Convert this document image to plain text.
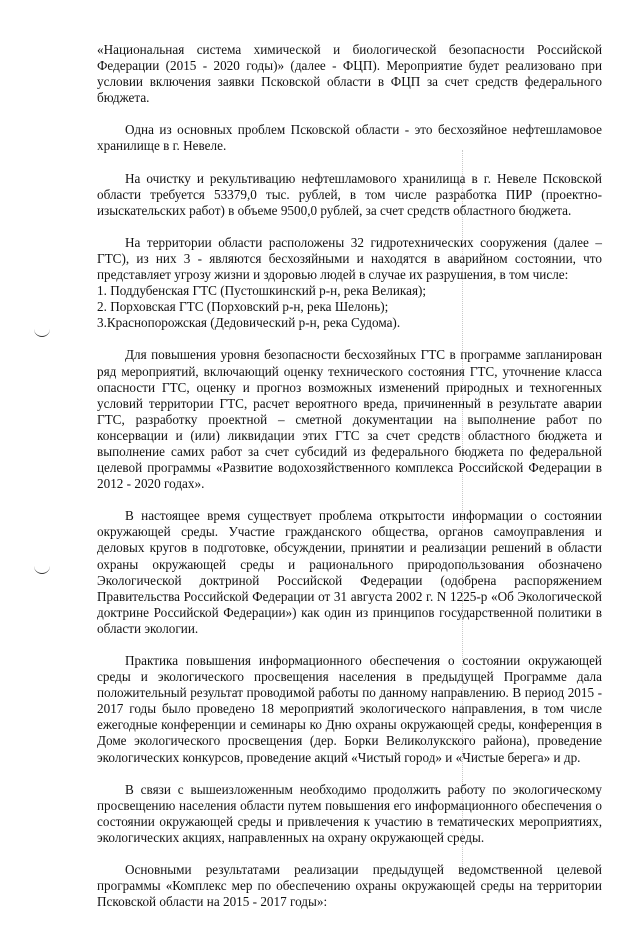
«Национальная система химической и биологической безопасности Российской Федерации (2015 - 2020 годы)» (далее - ФЦП). Мероприятие будет реализовано при условии включения заявки Псковской области в ФЦП за счет средств федерального бюджета.

Одна из основных проблем Псковской области - это бесхозяйное нефтешламовое хранилище в г. Невеле.

На очистку и рекультивацию нефтешламового хранилища в г. Невеле Псковской области требуется 53379,0 тыс. рублей, в том числе разработка ПИР (проектно-изыскательских работ) в объеме 9500,0 рублей, за счет средств областного бюджета.

На территории области расположены 32 гидротехнических сооружения (далее – ГТС), из них 3 - являются бесхозяйными и находятся в аварийном состоянии, что представляет угрозу жизни и здоровью людей в случае их разрушения, в том числе:

1. Поддубенская ГТС (Пустошкинский р-н, река Великая);
2. Порховская ГТС (Порховский р-н, река Шелонь);
3.Краснопорожская (Дедовический р-н, река Судома).

Для повышения уровня безопасности бесхозяйных ГТС в программе запланирован ряд мероприятий, включающий оценку технического состояния ГТС, уточнение класса опасности ГТС, оценку и прогноз возможных изменений природных и техногенных условий территории ГТС, расчет вероятного вреда, причиненный в результате аварии ГТС, разработку проектной – сметной документации на выполнение работ по консервации и (или) ликвидации этих ГТС за счет средств областного бюджета и выполнение самих работ за счет субсидий из федерального бюджета по федеральной целевой программы «Развитие водохозяйственного комплекса Российской Федерации в 2012 - 2020 годах».

В настоящее время существует проблема открытости информации о состоянии окружающей среды. Участие гражданского общества, органов самоуправления и деловых кругов в подготовке, обсуждении, принятии и реализации решений в области охраны окружающей среды и рационального природопользования обозначено Экологической доктриной Российской Федерации (одобрена распоряжением Правительства Российской Федерации от 31 августа 2002 г. N 1225-р «Об Экологической доктрине Российской Федерации») как один из принципов государственной политики в области экологии.

Практика повышения информационного обеспечения о состоянии окружающей среды и экологического просвещения населения в предыдущей Программе дала положительный результат проводимой работы по данному направлению. В период 2015 - 2017 годы было проведено 18 мероприятий экологического направления, в том числе ежегодные конференции и семинары ко Дню охраны окружающей среды, конференция в Доме экологического просвещения (дер. Борки Великолукского района), проведение экологических конкурсов, проведение акций «Чистый город» и «Чистые берега» и др.

В связи с вышеизложенным необходимо продолжить работу по экологическому просвещению населения области путем повышения его информационного обеспечения о состоянии окружающей среды и привлечения к участию в тематических мероприятиях, экологических акциях, направленных на охрану окружающей среды.

Основными результатами реализации предыдущей ведомственной целевой программы «Комплекс мер по обеспечению охраны окружающей среды на территории Псковской области на 2015 - 2017 годы»:
